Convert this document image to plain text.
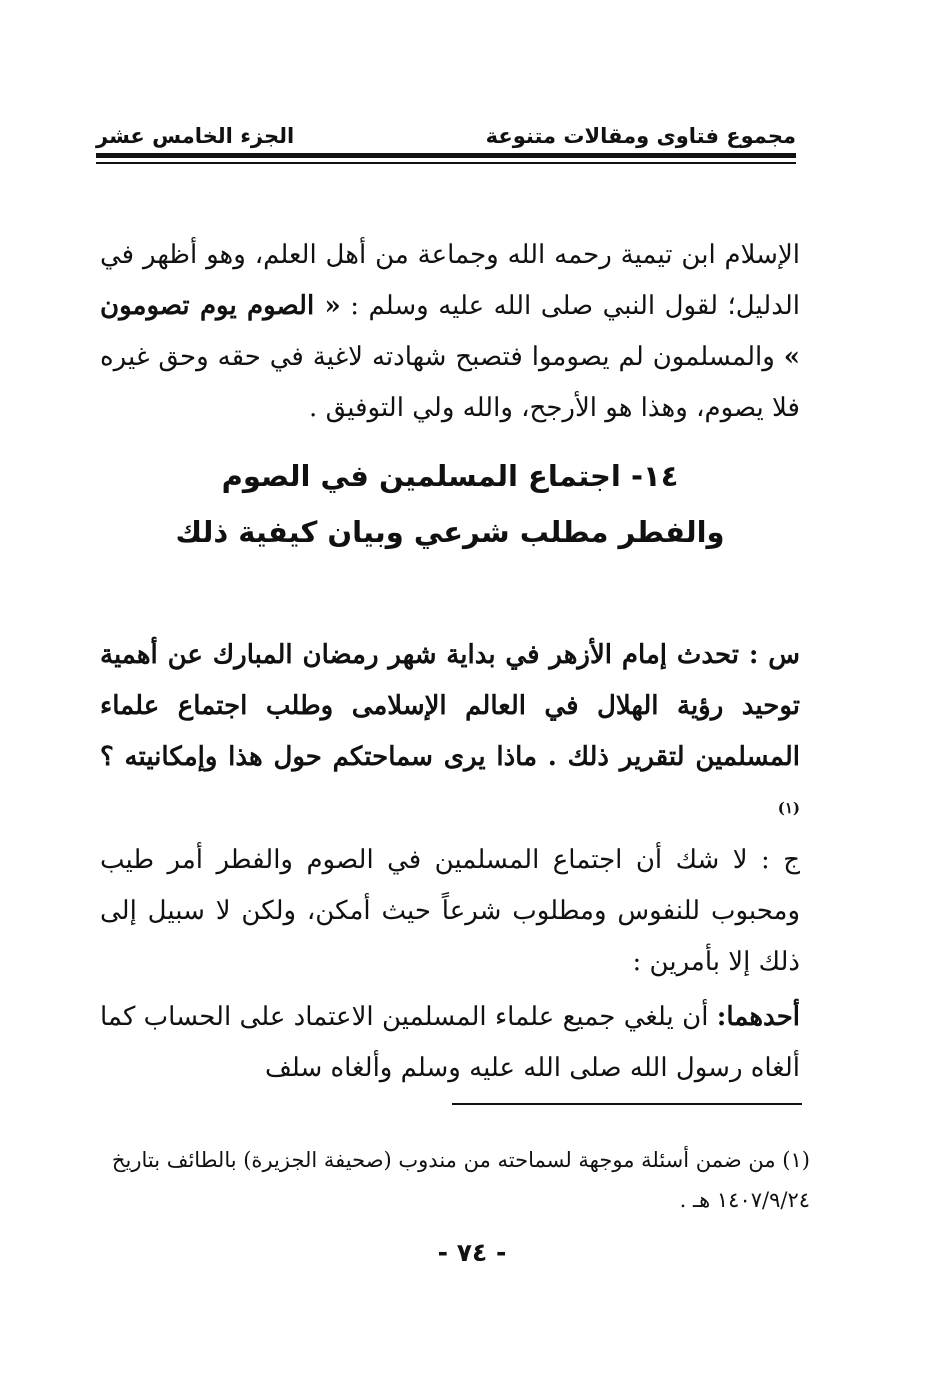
مجموع فتاوى ومقالات متنوعة
الجزء الخامس عشر

الإسلام ابن تيمية رحمه الله وجماعة من أهل العلم، وهو أظهر في الدليل؛ لقول النبي صلى الله عليه وسلم : « الصوم يوم تصومون » والمسلمون لم يصوموا فتصبح شهادته لاغية في حقه وحق غيره فلا يصوم، وهذا هو الأرجح، والله ولي التوفيق .

١٤- اجتماع المسلمين في الصوم
والفطر مطلب شرعي وبيان كيفية ذلك

س : تحدث إمام الأزهر في بداية شهر رمضان المبارك عن أهمية توحيد رؤية الهلال في العالم الإسلامى وطلب اجتماع علماء المسلمين لتقرير ذلك . ماذا يرى سماحتكم حول هذا وإمكانيته ؟$^{(١)}$

ج : لا شك أن اجتماع المسلمين في الصوم والفطر أمر طيب ومحبوب للنفوس ومطلوب شرعاً حيث أمكن، ولكن لا سبيل إلى ذلك إلا بأمرين :

أحدهما: أن يلغي جميع علماء المسلمين الاعتماد على الحساب كما ألغاه رسول الله صلى الله عليه وسلم وألغاه سلف

(١) من ضمن أسئلة موجهة لسماحته من مندوب (صحيفة الجزيرة) بالطائف بتاريخ ١٤٠٧/٩/٢٤ هـ .
- ٧٤ -
